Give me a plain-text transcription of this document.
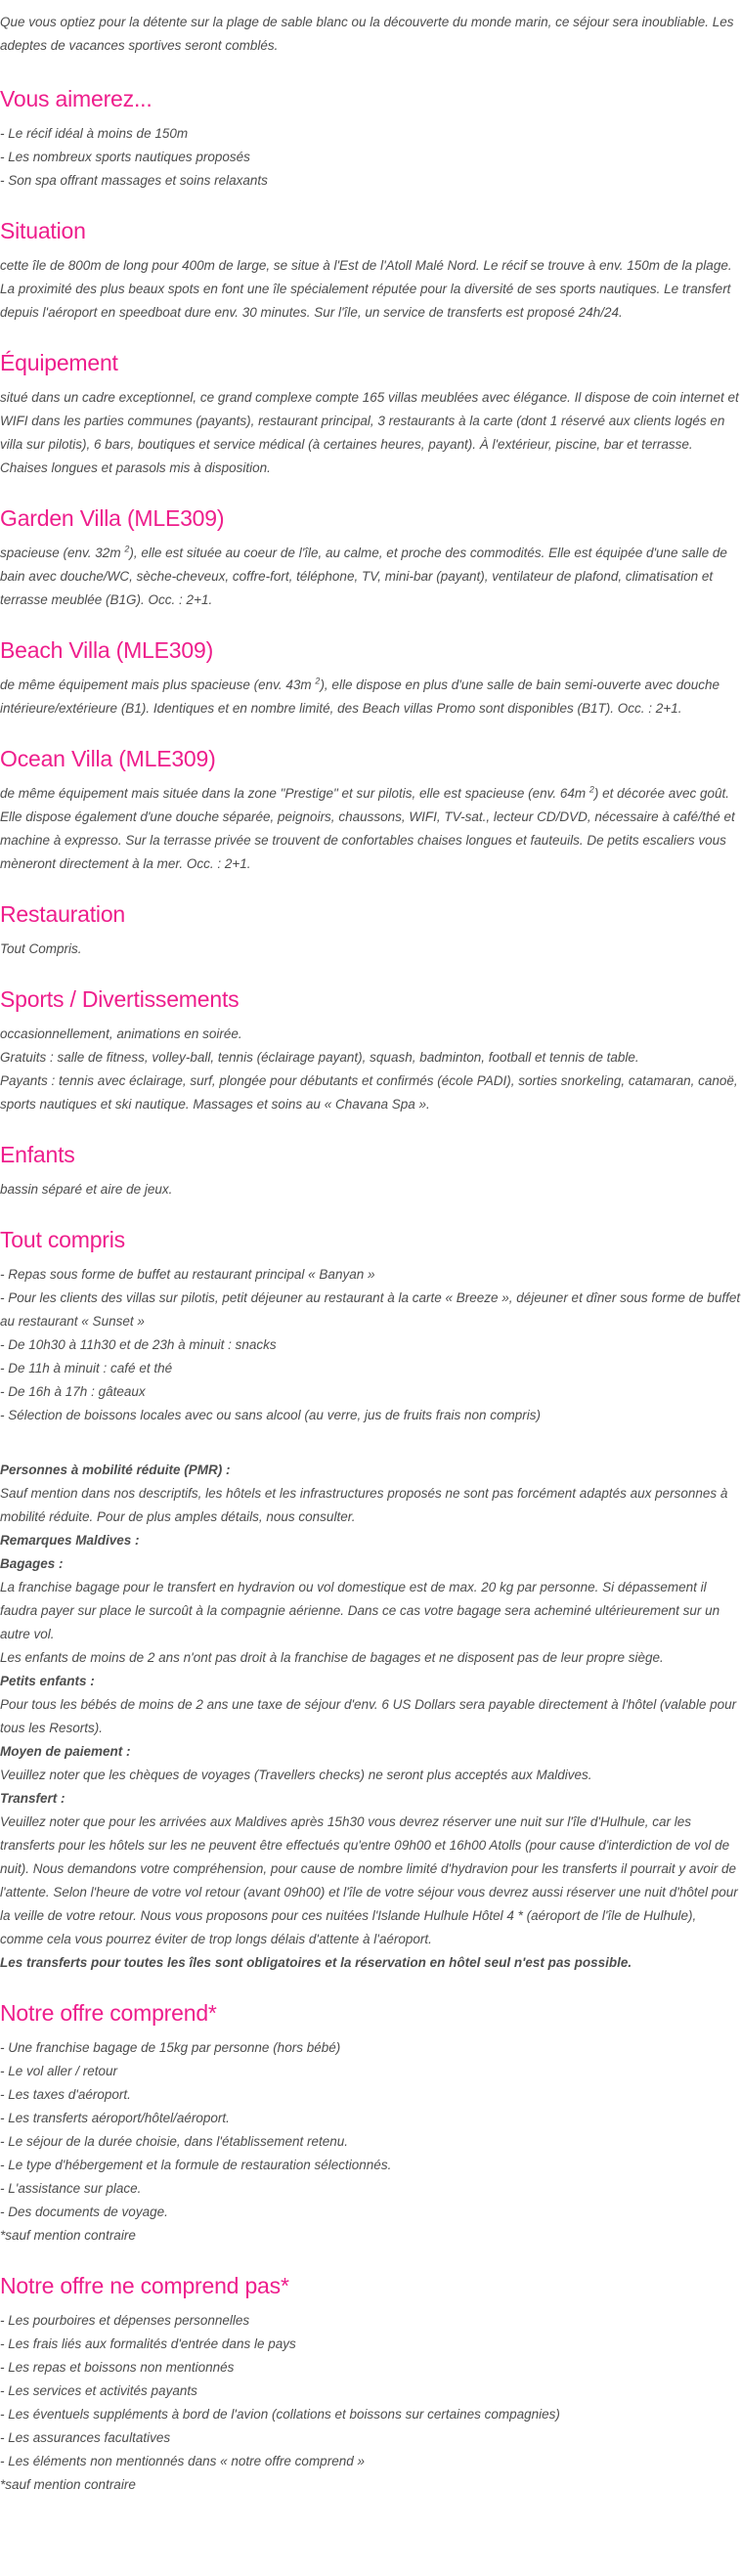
Que vous optiez pour la détente sur la plage de sable blanc ou la découverte du monde marin, ce séjour sera inoubliable. Les adeptes de vacances sportives seront comblés.

Vous aimerez...
- Le récif idéal à moins de 150m
- Les nombreux sports nautiques proposés
- Son spa offrant massages et soins relaxants
Situation

cette île de 800m de long pour 400m de large, se situe à l'Est de l'Atoll Malé Nord. Le récif se trouve à env. 150m de la plage. La proximité des plus beaux spots en font une île spécialement réputée pour la diversité de ses sports nautiques. Le transfert depuis l'aéroport en speedboat dure env. 30 minutes. Sur l'île, un service de transferts est proposé 24h/24.

Équipement

situé dans un cadre exceptionnel, ce grand complexe compte 165 villas meublées avec élégance. Il dispose de coin internet et WIFI dans les parties communes (payants), restaurant principal, 3 restaurants à la carte (dont 1 réservé aux clients logés en villa sur pilotis), 6 bars, boutiques et service médical (à certaines heures, payant). À l'extérieur, piscine, bar et terrasse. Chaises longues et parasols mis à disposition.

Garden Villa (MLE309)

spacieuse (env. 32m $^2$), elle est située au coeur de l'île, au calme, et proche des commodités. Elle est équipée d'une salle de bain avec douche/WC, sèche-cheveux, coffre-fort, téléphone, TV, mini-bar (payant), ventilateur de plafond, climatisation et terrasse meublée (B1G). Occ. : 2+1.

Beach Villa (MLE309)

de même équipement mais plus spacieuse (env. 43m $^2$), elle dispose en plus d'une salle de bain semi-ouverte avec douche intérieure/extérieure (B1). Identiques et en nombre limité, des Beach villas Promo sont disponibles (B1T). Occ. : 2+1.

Ocean Villa (MLE309)

de même équipement mais située dans la zone "Prestige" et sur pilotis, elle est spacieuse (env. 64m $^2$) et décorée avec goût. Elle dispose également d'une douche séparée, peignoirs, chaussons, WIFI, TV-sat., lecteur CD/DVD, nécessaire à café/thé et machine à expresso. Sur la terrasse privée se trouvent de confortables chaises longues et fauteuils. De petits escaliers vous mèneront directement à la mer. Occ. : 2+1.

Restauration

Tout Compris.

Sports / Divertissements
occasionnellement, animations en soirée.
Gratuits : salle de fitness, volley-ball, tennis (éclairage payant), squash, badminton, football et tennis de table.
Payants : tennis avec éclairage, surf, plongée pour débutants et confirmés (école PADI), sorties snorkeling, catamaran, canoë, sports nautiques et ski nautique. Massages et soins au « Chavana Spa ».
Enfants

bassin séparé et aire de jeux.

Tout compris
- Repas sous forme de buffet au restaurant principal « Banyan »
- Pour les clients des villas sur pilotis, petit déjeuner au restaurant à la carte « Breeze », déjeuner et dîner sous forme de buffet au restaurant « Sunset »
- De 10h30 à 11h30 et de 23h à minuit : snacks
- De 11h à minuit : café et thé
- De 16h à 17h : gâteaux
- Sélection de boissons locales avec ou sans alcool (au verre, jus de fruits frais non compris)
Personnes à mobilité réduite (PMR) :
Sauf mention dans nos descriptifs, les hôtels et les infrastructures proposés ne sont pas forcément adaptés aux personnes à mobilité réduite. Pour de plus amples détails, nous consulter.
Remarques Maldives :
Bagages :
La franchise bagage pour le transfert en hydravion ou vol domestique est de max. 20 kg par personne. Si dépassement il faudra payer sur place le surcoût à la compagnie aérienne. Dans ce cas votre bagage sera acheminé ultérieurement sur un autre vol.
Les enfants de moins de 2 ans n'ont pas droit à la franchise de bagages et ne disposent pas de leur propre siège.
Petits enfants :
Pour tous les bébés de moins de 2 ans une taxe de séjour d'env. 6 US Dollars sera payable directement à l'hôtel (valable pour tous les Resorts).
Moyen de paiement :
Veuillez noter que les chèques de voyages (Travellers checks) ne seront plus acceptés aux Maldives.
Transfert :
Veuillez noter que pour les arrivées aux Maldives après 15h30 vous devrez réserver une nuit sur l'île d'Hulhule, car les transferts pour les hôtels sur les ne peuvent être effectués qu'entre 09h00 et 16h00 Atolls (pour cause d'interdiction de vol de nuit). Nous demandons votre compréhension, pour cause de nombre limité d'hydravion pour les transferts il pourrait y avoir de l'attente. Selon l'heure de votre vol retour (avant 09h00) et l'île de votre séjour vous devrez aussi réserver une nuit d'hôtel pour la veille de votre retour. Nous vous proposons pour ces nuitées l'Islande Hulhule Hôtel 4 * (aéroport de l'île de Hulhule), comme cela vous pourrez éviter de trop longs délais d'attente à l'aéroport.
Les transferts pour toutes les îles sont obligatoires et la réservation en hôtel seul n'est pas possible.
Notre offre comprend*
- Une franchise bagage de 15kg par personne (hors bébé)
- Le vol aller / retour
- Les taxes d'aéroport.
- Les transferts aéroport/hôtel/aéroport.
- Le séjour de la durée choisie, dans l'établissement retenu.
- Le type d'hébergement et la formule de restauration sélectionnés.
- L'assistance sur place.
- Des documents de voyage.
*sauf mention contraire
Notre offre ne comprend pas*
- Les pourboires et dépenses personnelles
- Les frais liés aux formalités d'entrée dans le pays
- Les repas et boissons non mentionnés
- Les services et activités payants
- Les éventuels suppléments à bord de l'avion (collations et boissons sur certaines compagnies)
- Les assurances facultatives
- Les éléments non mentionnés dans « notre offre comprend »
*sauf mention contraire
